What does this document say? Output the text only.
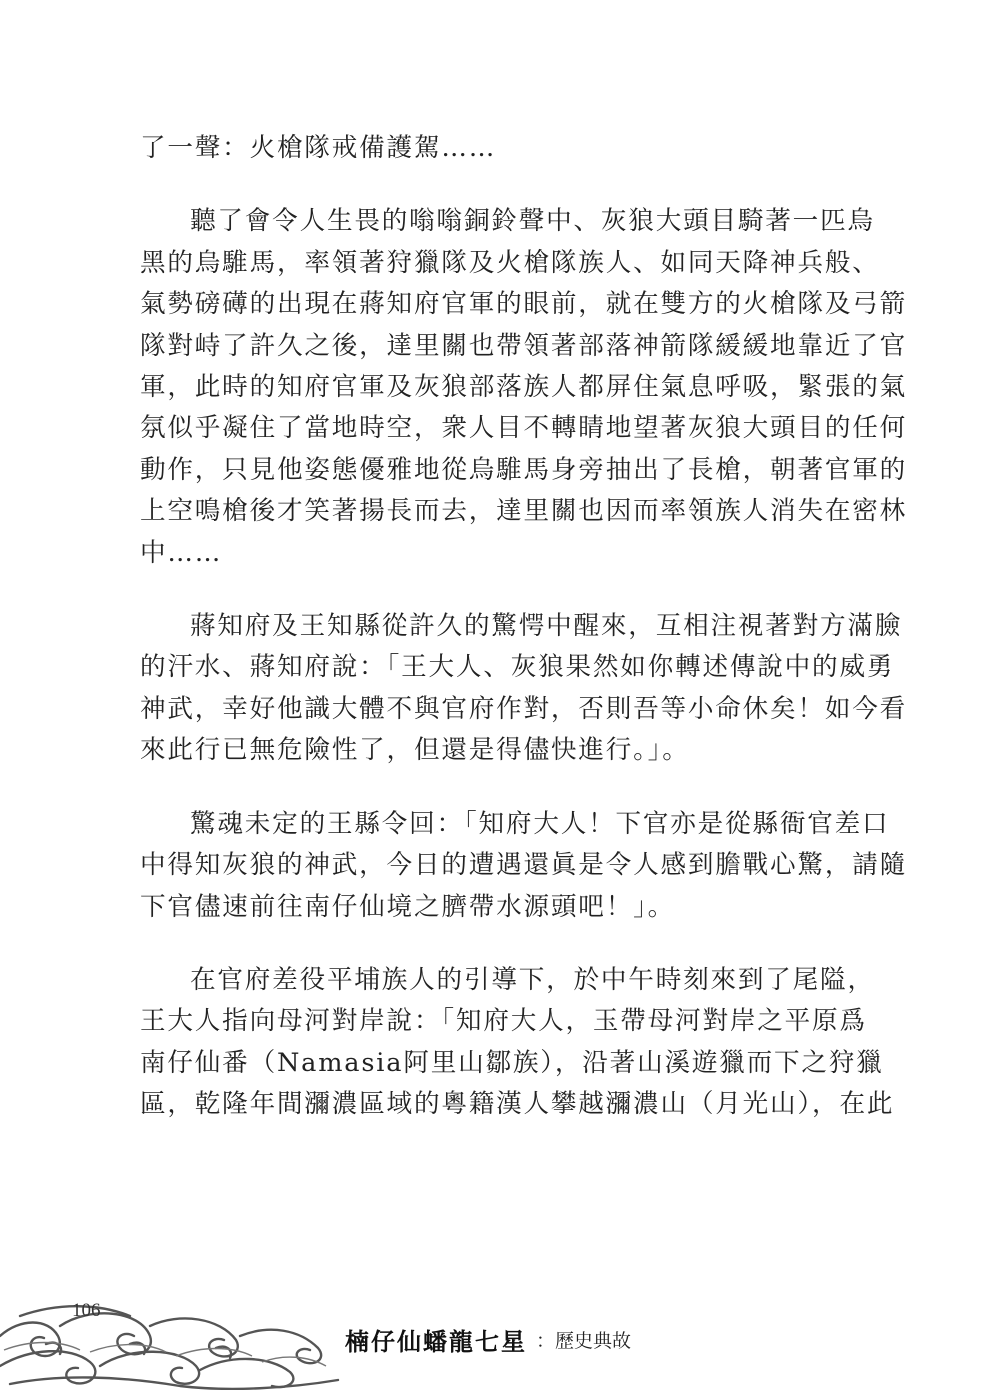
了一聲：火槍隊戒備護駕……

聽了會令人生畏的嗡嗡銅鈴聲中、灰狼大頭目騎著一匹烏
黑的烏騅馬，率領著狩獵隊及火槍隊族人、如同天降神兵般、
氣勢磅礡的出現在蔣知府官軍的眼前，就在雙方的火槍隊及弓箭
隊對峙了許久之後，達里關也帶領著部落神箭隊緩緩地靠近了官
軍，此時的知府官軍及灰狼部落族人都屏住氣息呼吸，緊張的氣
氛似乎凝住了當地時空，衆人目不轉睛地望著灰狼大頭目的任何
動作，只見他姿態優雅地從烏騅馬身旁抽出了長槍，朝著官軍的
上空鳴槍後才笑著揚長而去，達里關也因而率領族人消失在密林
中……

蔣知府及王知縣從許久的驚愕中醒來，互相注視著對方滿臉
的汗水、蔣知府說：「王大人、灰狼果然如你轉述傳說中的威勇
神武，幸好他識大體不與官府作對，否則吾等小命休矣！如今看
來此行已無危險性了，但還是得儘快進行。」。

驚魂未定的王縣令回：「知府大人！下官亦是從縣衙官差口
中得知灰狼的神武，今日的遭遇還眞是令人感到膽戰心驚，請隨
下官儘速前往南仔仙境之臍帶水源頭吧！」。

在官府差役平埔族人的引導下，於中午時刻來到了尾隘，
王大人指向母河對岸說：「知府大人，玉帶母河對岸之平原爲
南仔仙番（Namasia阿里山鄒族），沿著山溪遊獵而下之狩獵
區，乾隆年間瀰濃區域的粵籍漢人攀越瀰濃山（月光山），在此

106
楠仔仙蟠龍七星 ：歷史典故
